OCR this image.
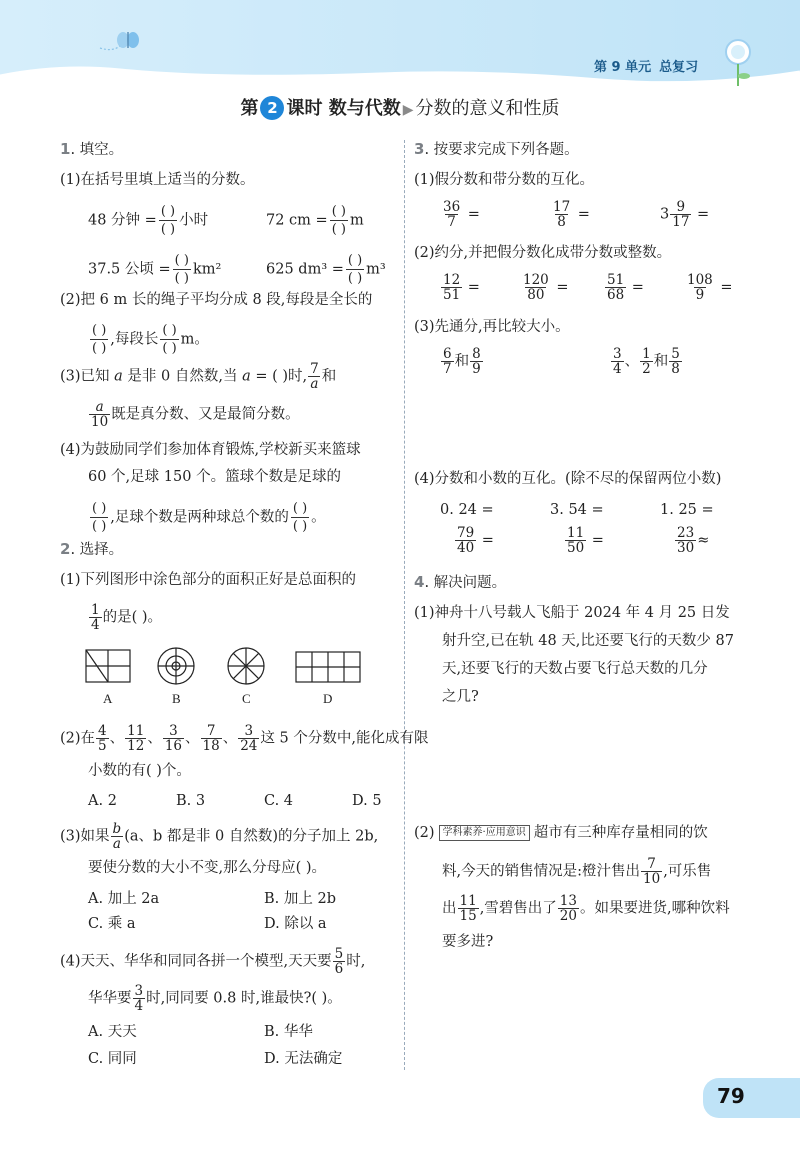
第 9 单元 总复习
第 2 课时 数与代数 ▶ 分数的意义和性质
1. 填空。
(1)在括号里填上适当的分数。
48 分钟 =
( )
( )
小时	72 cm =
( )
( )
m
37.5 公顷 =
( )
( )
km²	625 dm³ =
( )
( )
m³
(2)把 6 m 长的绳子平均分成 8 段,每段是全长的
( )
( )
,每段长
( )
( )
m。
(3)已知 a 是非 0 自然数,当 a = ( )时, $\frac{7}{a}$ 和
$\frac{a}{10}$ 既是真分数、又是最简分数。
(4)为鼓励同学们参加体育锻炼,学校新买来篮球
60 个,足球 150 个。篮球个数是足球的
( )
( )
,足球个数是两种球总个数的
( )
( )
。
2. 选择。
(1)下列图形中涂色部分的面积正好是总面积的
$\frac{1}{4}$ 的是( )。
A	B	C	D
(2)在 $\frac{4}{5}$ 、 $\frac{11}{12}$ 、 $\frac{3}{16}$ 、 $\frac{7}{18}$ 、 $\frac{3}{24}$ 这 5 个分数中,能化成有限
小数的有( )个。
A. 2	B. 3	C. 4	D. 5
(3)如果 $\frac{b}{a} (a$、b 都是非 0 自然数)的分子加上 2b,
要使分数的大小不变,那么分母应( )。
A. 加上 2a	B. 加上 2b
C. 乘 a	D. 除以 a
(4)天天、华华和同同各拼一个模型,天天要 $\frac{5}{6}$ 时,
华华要 $\frac{3}{4}$ 时,同同要 0.8 时,谁最快?( )。
A. 天天	B. 华华
C. 同同	D. 无法确定
3. 按要求完成下列各题。
(1)假分数和带分数的互化。
$\frac{36}{7}$ =	$\frac{17}{8}$ =	$3 \frac{9}{17}$ =
(2)约分,并把假分数化成带分数或整数。
$\frac{12}{51}$ =	$\frac{120}{80}$ =	$\frac{51}{68}$ =	$\frac{108}{9}$ =
(3)先通分,再比较大小。
$\frac{6}{7}$ 和 $\frac{8}{9}$	$\frac{3}{4}$ 、 $\frac{1}{2}$ 和 $\frac{5}{8}$
(4)分数和小数的互化。(除不尽的保留两位小数)
0. 24 =	3. 54 =	1. 25 =
$\frac{79}{40}$ =	$\frac{11}{50}$ =	$\frac{23}{30}$ ≈
4. 解决问题。
(1)神舟十八号载人飞船于 2024 年 4 月 25 日发
射升空,已在轨 48 天,比还要飞行的天数少 87
天,还要飞行的天数占要飞行总天数的几分
之几?
(2) 学科素养·应用意识 超市有三种库存量相同的饮
料,今天的销售情况是:橙汁售出 $\frac{7}{10}$ ,可乐售
出 $\frac{11}{15}$ ,雪碧售出了 $\frac{13}{20}$ 。如果要进货,哪种饮料
要多进?
79
